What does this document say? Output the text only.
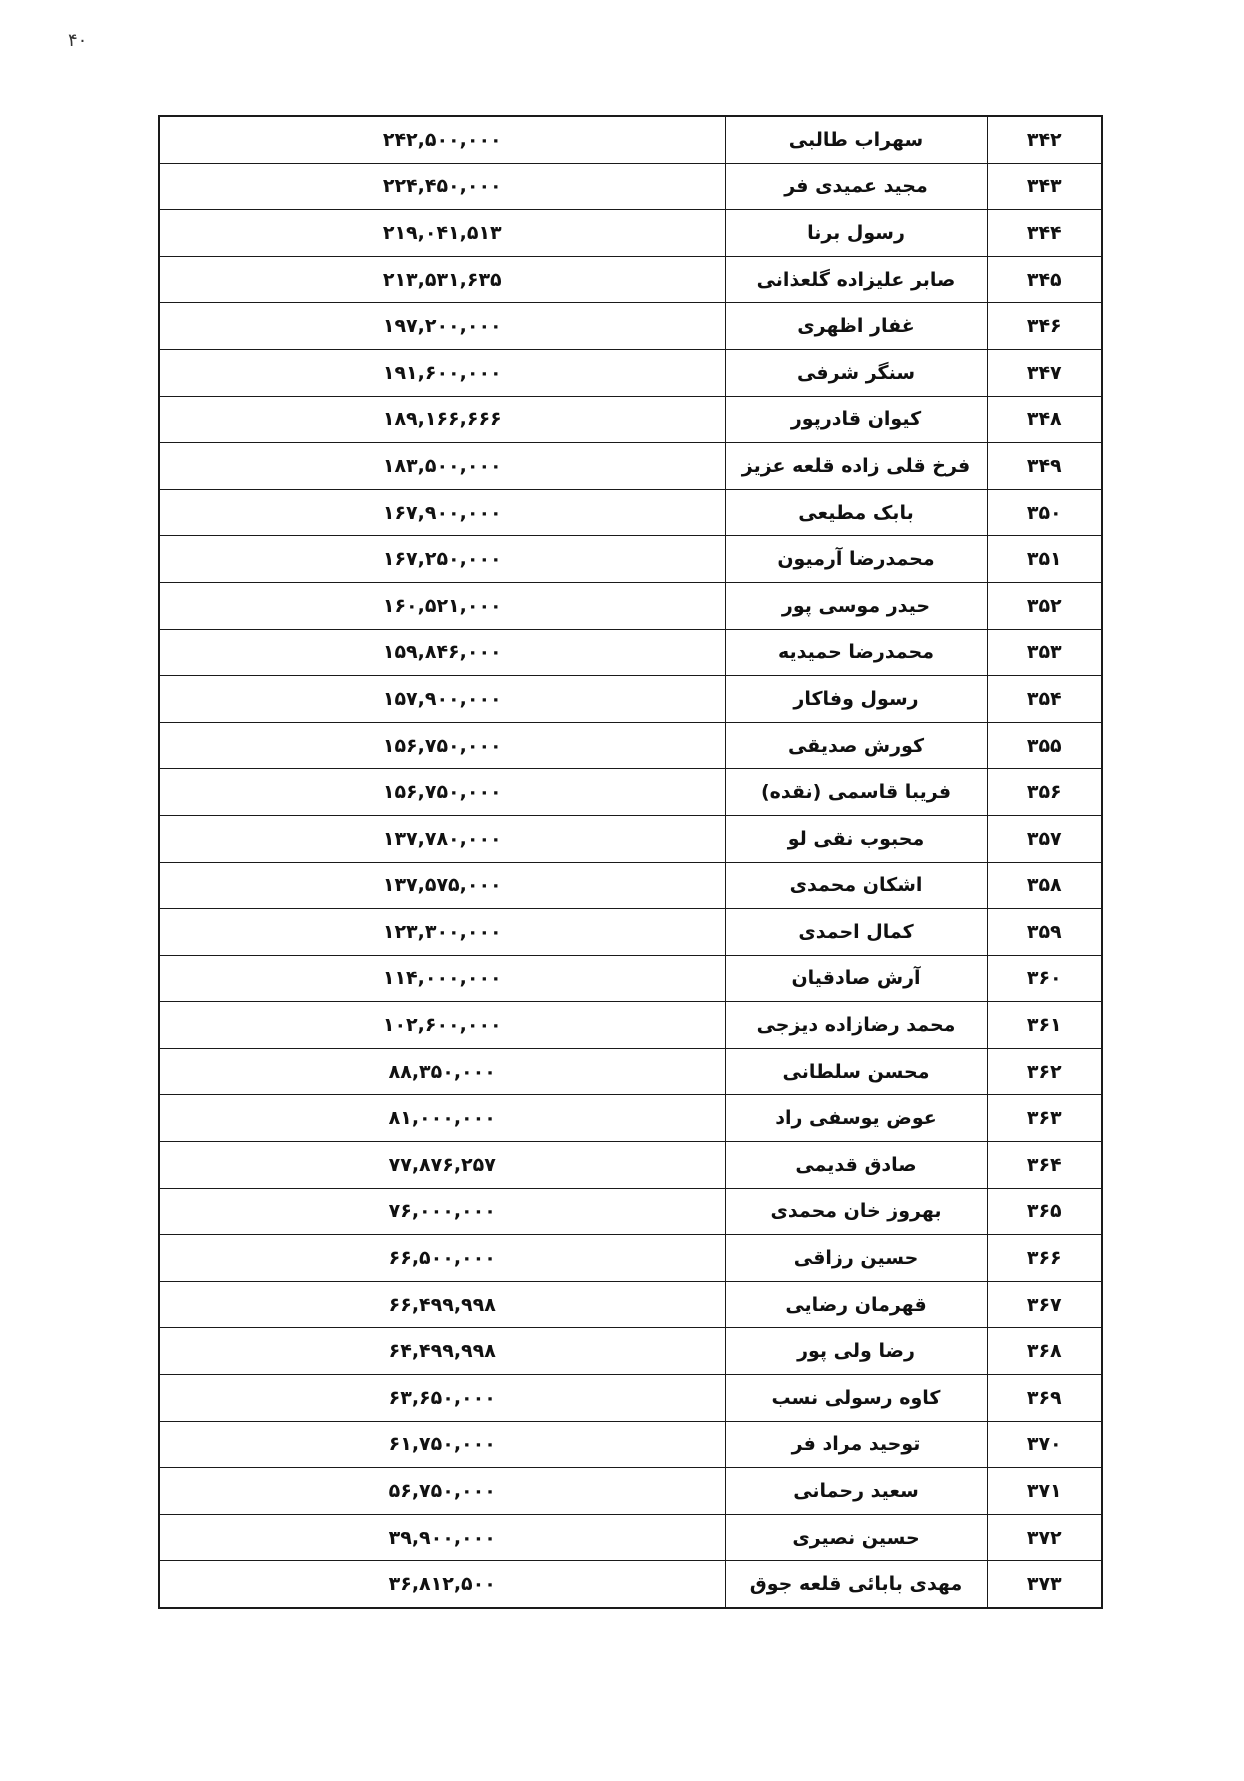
۴۰
۳۴۲	سهراب طالبی	۲۴۲,۵۰۰,۰۰۰
۳۴۳	مجید عمیدی فر	۲۲۴,۴۵۰,۰۰۰
۳۴۴	رسول برنا	۲۱۹,۰۴۱,۵۱۳
۳۴۵	صابر علیزاده گلعذانی	۲۱۳,۵۳۱,۶۳۵
۳۴۶	غفار اظهری	۱۹۷,۲۰۰,۰۰۰
۳۴۷	سنگر شرفی	۱۹۱,۶۰۰,۰۰۰
۳۴۸	کیوان قادرپور	۱۸۹,۱۶۶,۶۶۶
۳۴۹	فرخ قلی زاده قلعه عزیز	۱۸۳,۵۰۰,۰۰۰
۳۵۰	بابک مطیعی	۱۶۷,۹۰۰,۰۰۰
۳۵۱	محمدرضا آرمیون	۱۶۷,۲۵۰,۰۰۰
۳۵۲	حیدر موسی پور	۱۶۰,۵۲۱,۰۰۰
۳۵۳	محمدرضا حمیدیه	۱۵۹,۸۴۶,۰۰۰
۳۵۴	رسول وفاکار	۱۵۷,۹۰۰,۰۰۰
۳۵۵	کورش صدیقی	۱۵۶,۷۵۰,۰۰۰
۳۵۶	فریبا قاسمی (نقده)	۱۵۶,۷۵۰,۰۰۰
۳۵۷	محبوب نقی لو	۱۳۷,۷۸۰,۰۰۰
۳۵۸	اشکان محمدی	۱۳۷,۵۷۵,۰۰۰
۳۵۹	کمال احمدی	۱۲۳,۳۰۰,۰۰۰
۳۶۰	آرش صادقیان	۱۱۴,۰۰۰,۰۰۰
۳۶۱	محمد رضازاده دیزجی	۱۰۲,۶۰۰,۰۰۰
۳۶۲	محسن سلطانی	۸۸,۳۵۰,۰۰۰
۳۶۳	عوض یوسفی راد	۸۱,۰۰۰,۰۰۰
۳۶۴	صادق قدیمی	۷۷,۸۷۶,۲۵۷
۳۶۵	بهروز خان محمدی	۷۶,۰۰۰,۰۰۰
۳۶۶	حسین رزاقی	۶۶,۵۰۰,۰۰۰
۳۶۷	قهرمان رضایی	۶۶,۴۹۹,۹۹۸
۳۶۸	رضا ولی پور	۶۴,۴۹۹,۹۹۸
۳۶۹	کاوه رسولی نسب	۶۳,۶۵۰,۰۰۰
۳۷۰	توحید مراد فر	۶۱,۷۵۰,۰۰۰
۳۷۱	سعید رحمانی	۵۶,۷۵۰,۰۰۰
۳۷۲	حسین نصیری	۳۹,۹۰۰,۰۰۰
۳۷۳	مهدی بابائی قلعه جوق	۳۶,۸۱۲,۵۰۰
